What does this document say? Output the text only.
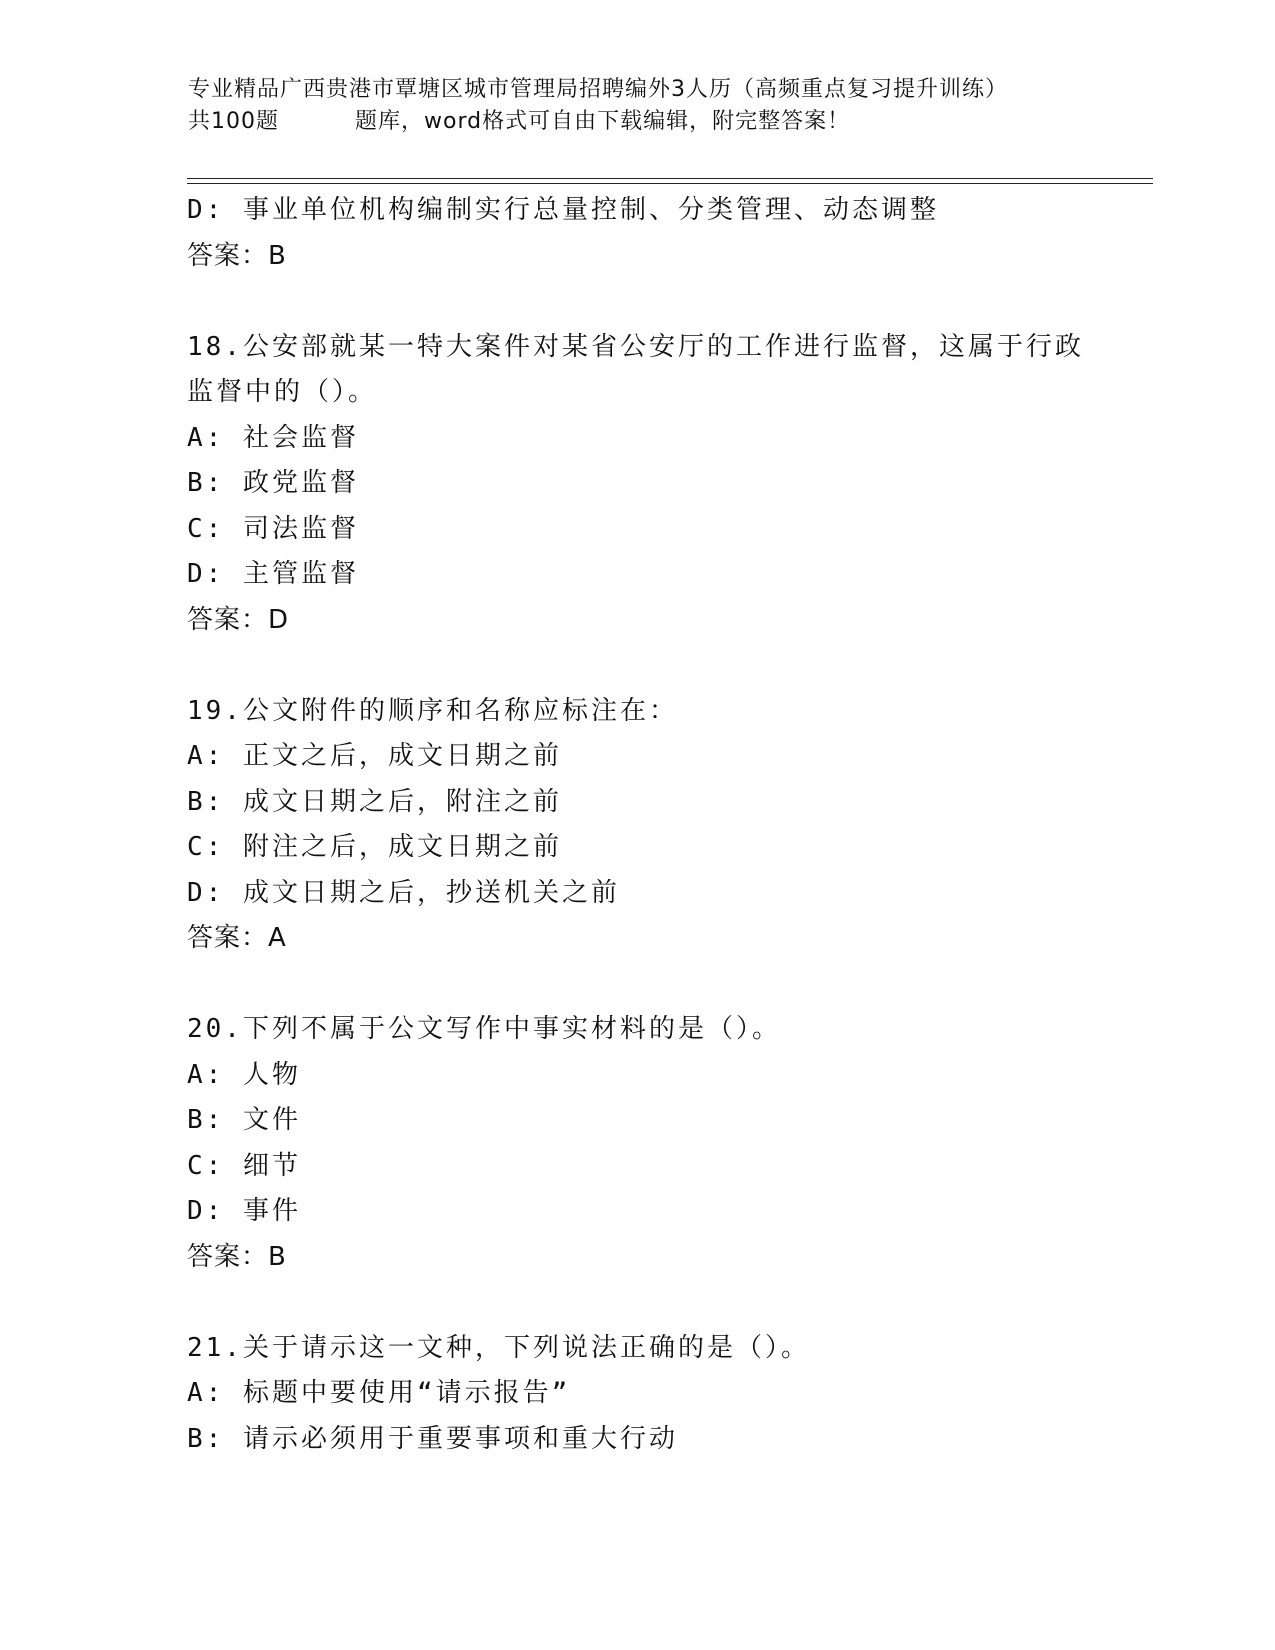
专业精品广西贵港市覃塘区城市管理局招聘编外3人历（高频重点复习提升训练）
共100题	题库，word格式可自由下载编辑，附完整答案！
D: 事业单位机构编制实行总量控制、分类管理、动态调整
答案：B
18.公安部就某一特大案件对某省公安厅的工作进行监督，这属于行政
监督中的（）。
A: 社会监督
B: 政党监督
C: 司法监督
D: 主管监督
答案：D
19.公文附件的顺序和名称应标注在：
A: 正文之后，成文日期之前
B: 成文日期之后，附注之前
C: 附注之后，成文日期之前
D: 成文日期之后，抄送机关之前
答案：A
20.下列不属于公文写作中事实材料的是（）。
A: 人物
B: 文件
C: 细节
D: 事件
答案：B
21.关于请示这一文种，下列说法正确的是（）。
A: 标题中要使用“请示报告”
B: 请示必须用于重要事项和重大行动
